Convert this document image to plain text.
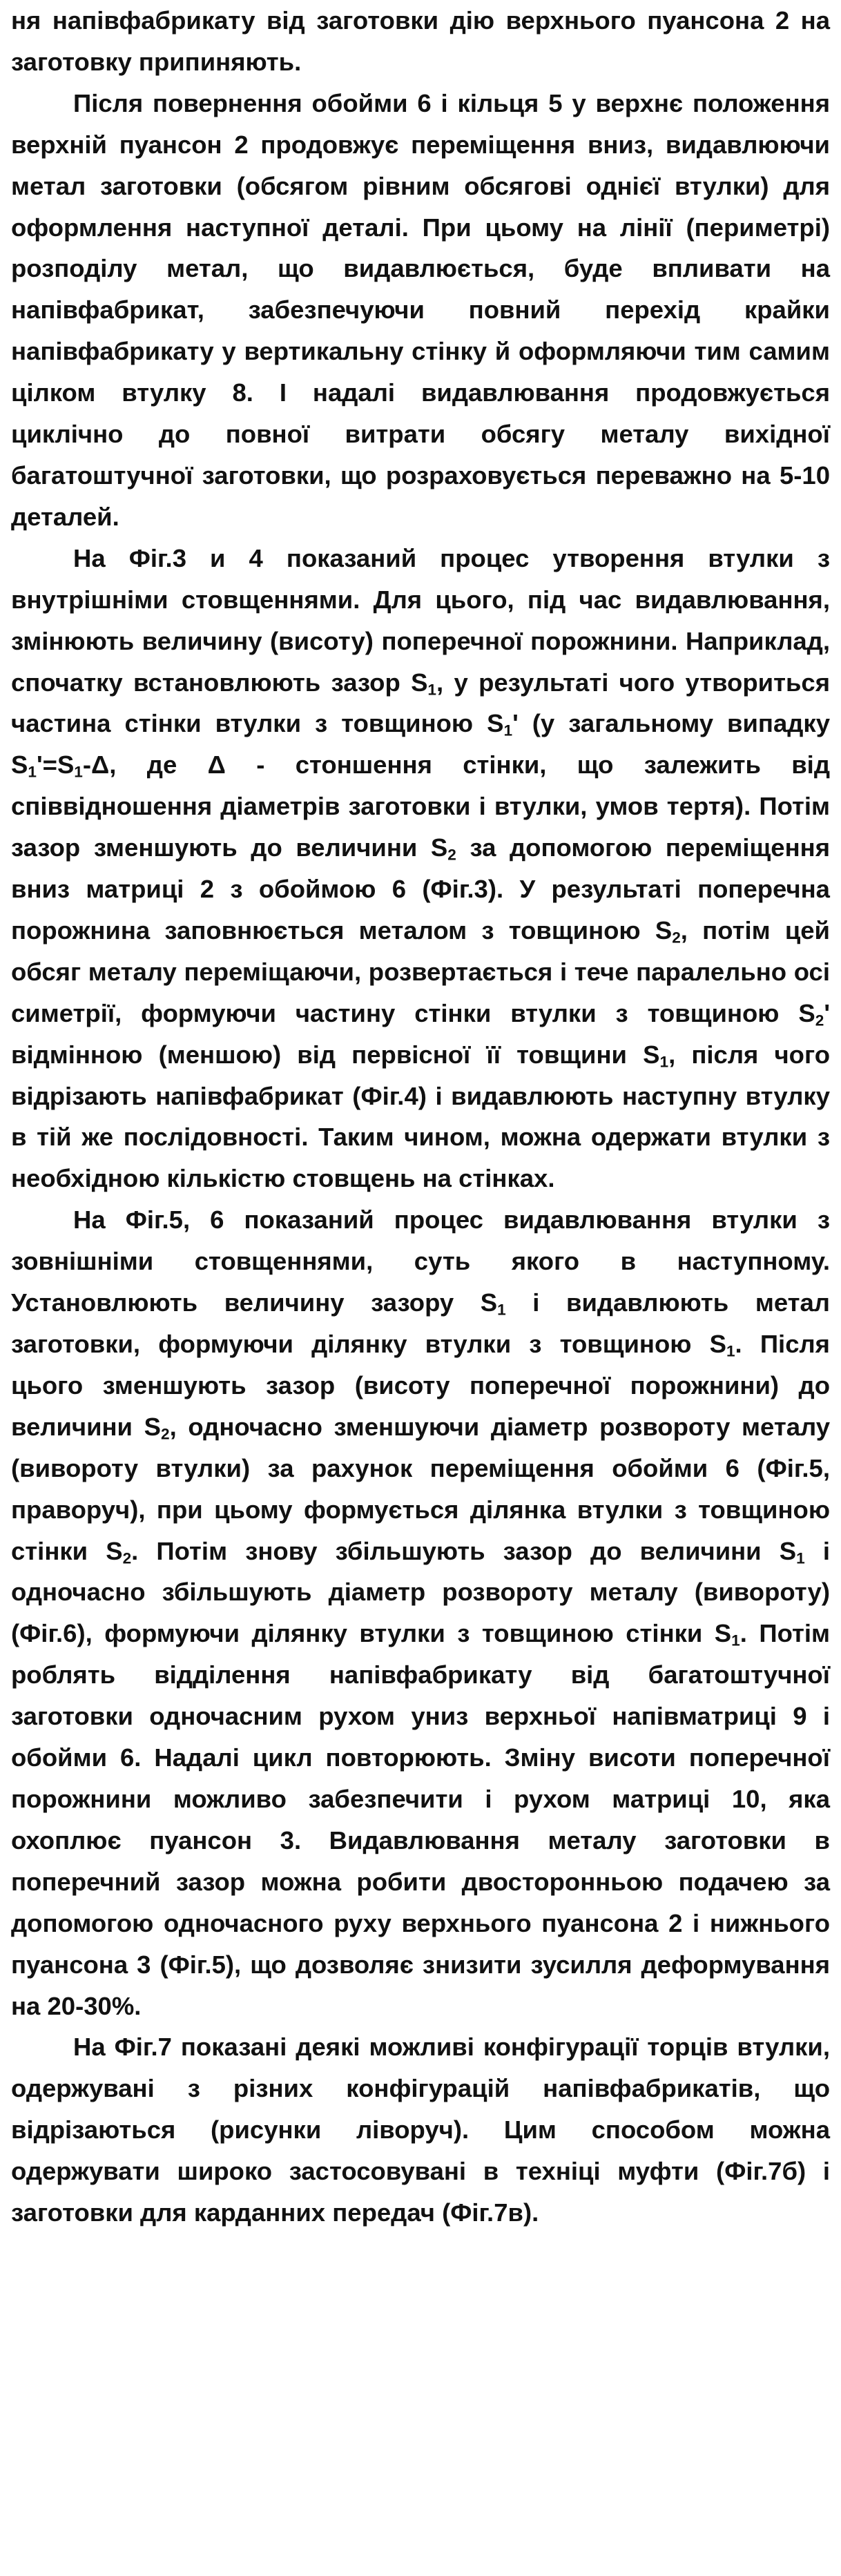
ня напівфабрикату від заготовки дію верхнього пуансона 2 на заготовку припиняють.

Після повернення обойми 6 і кільця 5 у верхнє положення верхній пуансон 2 продовжує переміщення вниз, видавлюючи метал заготовки (обсягом рівним обсягові однієї втулки) для оформлення наступної деталі. При цьому на лінії (периметрі) розподілу метал, що видавлюється, буде впливати на напівфабрикат, забезпечуючи повний перехід крайки напівфабрикату у вертикальну стінку й оформляючи тим самим цілком втулку 8. І надалі видавлювання продовжується циклічно до повної витрати обсягу металу вихідної багатоштучної заготовки, що розраховується переважно на 5-10 деталей.

На Фіг.3 и 4 показаний процес утворення втулки з внутрішніми стовщеннями. Для цього, під час видавлювання, змінюють величину (висоту) поперечної порожнини. Наприклад, спочатку встановлюють зазор $S_1$, у результаті чого утвориться частина стінки втулки з товщиною $S_1'$ (у загальному випадку $S_1'=S_1-\Delta$, де Δ - стоншення стінки, що залежить від співвідношення діаметрів заготовки і втулки, умов тертя). Потім зазор зменшують до величини $S_2$ за допомогою переміщення вниз матриці 2 з обоймою 6 (Фіг.3). У результаті поперечна порожнина заповнюється металом з товщиною $S_2$, потім цей обсяг металу переміщаючи, розвертається і тече паралельно осі симетрії, формуючи частину стінки втулки з товщиною $S_2'$ відмінною (меншою) від первісної її товщини $S_1$, після чого відрізають напівфабрикат (Фіг.4) і видавлюють наступну втулку в тій же послідовності. Таким чином, можна одержати втулки з необхідною кількістю стовщень на стінках.

На Фіг.5, 6 показаний процес видавлювання втулки з зовнішніми стовщеннями, суть якого в наступному. Установлюють величину зазору $S_1$ і видавлюють метал заготовки, формуючи ділянку втулки з товщиною $S_1$. Після цього зменшують зазор (висоту поперечної порожнини) до величини $S_2$, одночасно зменшуючи діаметр розвороту металу (вивороту втулки) за рахунок переміщення обойми 6 (Фіг.5, праворуч), при цьому формується ділянка втулки з товщиною стінки $S_2$. Потім знову збільшують зазор до величини $S_1$ і одночасно збільшують діаметр розвороту металу (вивороту) (Фіг.6), формуючи ділянку втулки з товщиною стінки $S_1$. Потім роблять відділення напівфабрикату від багатоштучної заготовки одночасним рухом униз верхньої напівматриці 9 і обойми 6. Надалі цикл повторюють. Зміну висоти поперечної порожнини можливо забезпечити і рухом матриці 10, яка охоплює пуансон 3. Видавлювання металу заготовки в поперечний зазор можна робити двосторонньою подачею за допомогою одночасного руху верхнього пуансона 2 і нижнього пуансона 3 (Фіг.5), що дозволяє знизити зусилля деформування на 20-30%.

На Фіг.7 показані деякі можливі конфігурації торців втулки, одержувані з різних конфігурацій напівфабрикатів, що відрізаються (рисунки ліворуч). Цим способом можна одержувати широко застосовувані в техніці муфти (Фіг.7б) і заготовки для карданних передач (Фіг.7в).
